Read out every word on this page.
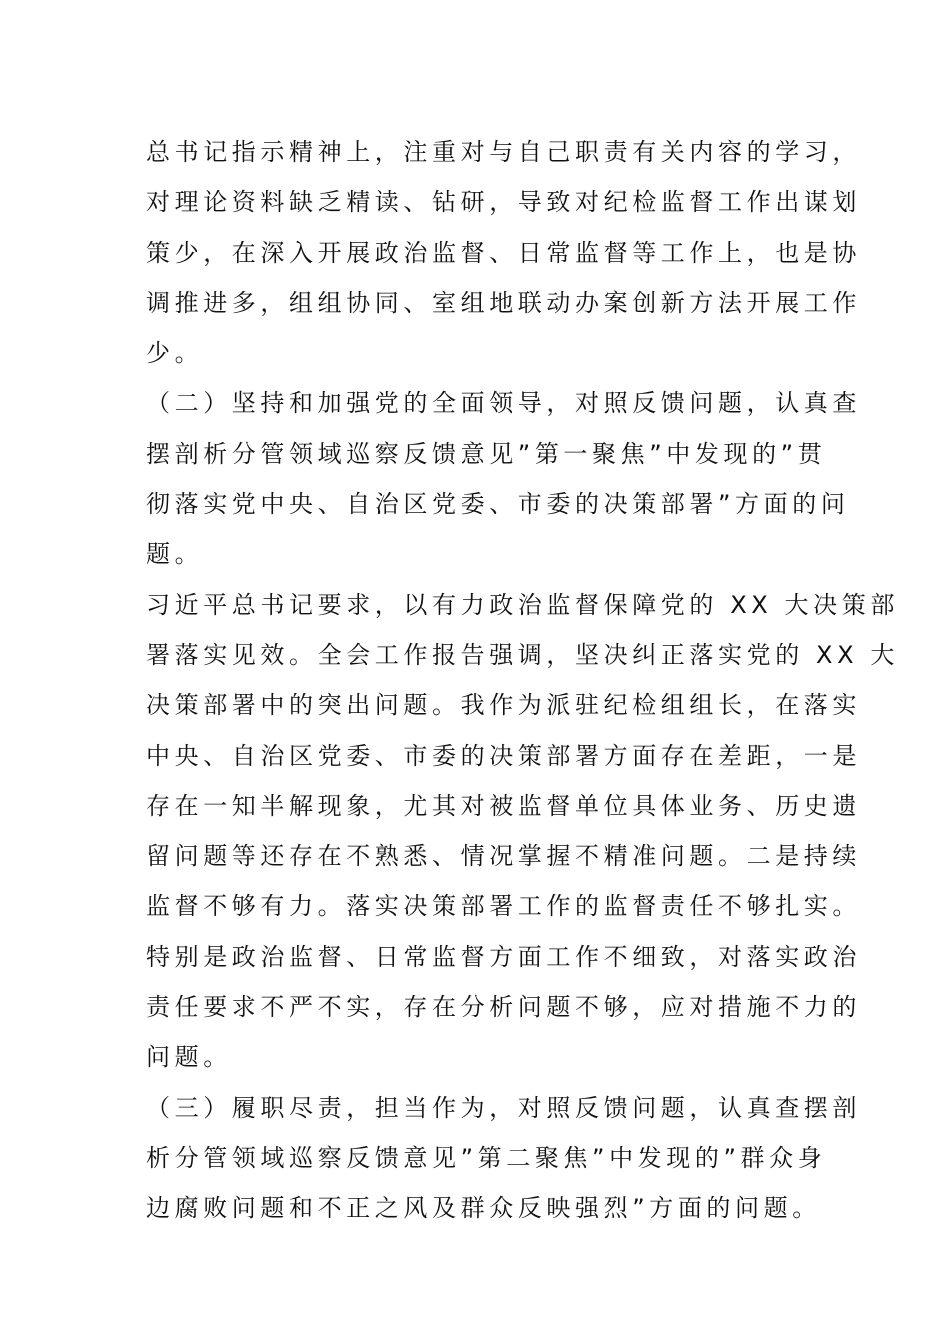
总书记指示精神上，注重对与自己职责有关内容的学习，
对理论资料缺乏精读、钻研，导致对纪检监督工作出谋划
策少，在深入开展政治监督、日常监督等工作上，也是协
调推进多，组组协同、室组地联动办案创新方法开展工作
少。
（二）坚持和加强党的全面领导，对照反馈问题，认真查
摆剖析分管领域巡察反馈意见”第一聚焦”中发现的”贯
彻落实党中央、自治区党委、市委的决策部署”方面的问
题。
习近平总书记要求，以有力政治监督保障党的 XX 大决策部
署落实见效。全会工作报告强调，坚决纠正落实党的 XX 大
决策部署中的突出问题。我作为派驻纪检组组长，在落实
中央、自治区党委、市委的决策部署方面存在差距，一是
存在一知半解现象，尤其对被监督单位具体业务、历史遗
留问题等还存在不熟悉、情况掌握不精准问题。二是持续
监督不够有力。落实决策部署工作的监督责任不够扎实。
特别是政治监督、日常监督方面工作不细致，对落实政治
责任要求不严不实，存在分析问题不够，应对措施不力的
问题。
（三）履职尽责，担当作为，对照反馈问题，认真查摆剖
析分管领域巡察反馈意见”第二聚焦”中发现的”群众身
边腐败问题和不正之风及群众反映强烈”方面的问题。
